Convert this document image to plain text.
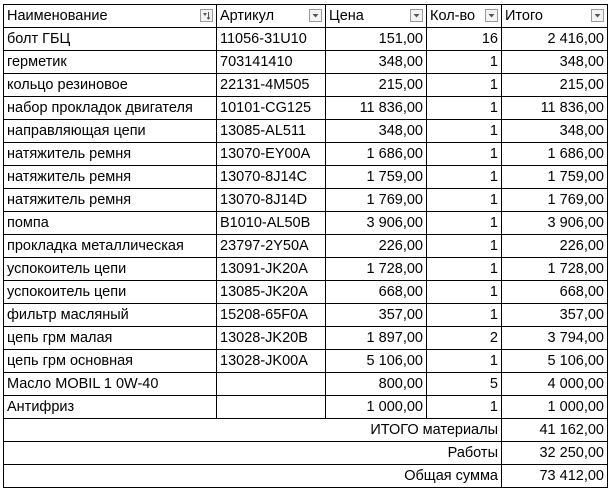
Наименование	Артикул	Цена	Кол-во	Итого

болт ГБЦ	11056-31U10	151,00	16	2 416,00
герметик	703141410	348,00	1	348,00
кольцо резиновое	22131-4M505	215,00	1	215,00
набор прокладок двигателя	10101-CG125	11 836,00	1	11 836,00
направляющая цепи	13085-AL511	348,00	1	348,00
натяжитель ремня	13070-EY00A	1 686,00	1	1 686,00
натяжитель ремня	13070-8J14C	1 759,00	1	1 759,00
натяжитель ремня	13070-8J14D	1 769,00	1	1 769,00
помпа	B1010-AL50B	3 906,00	1	3 906,00
прокладка металлическая	23797-2Y50A	226,00	1	226,00
успокоитель цепи	13091-JK20A	1 728,00	1	1 728,00
успокоитель цепи	13085-JK20A	668,00	1	668,00
фильтр масляный	15208-65F0A	357,00	1	357,00
цепь грм малая	13028-JK20B	1 897,00	2	3 794,00
цепь грм основная	13028-JK00A	5 106,00	1	5 106,00
Масло MOBIL 1 0W-40		800,00	5	4 000,00
Антифриз		1 000,00	1	1 000,00
ИТОГО материалы				41 162,00
Работы				32 250,00
Общая сумма				73 412,00
